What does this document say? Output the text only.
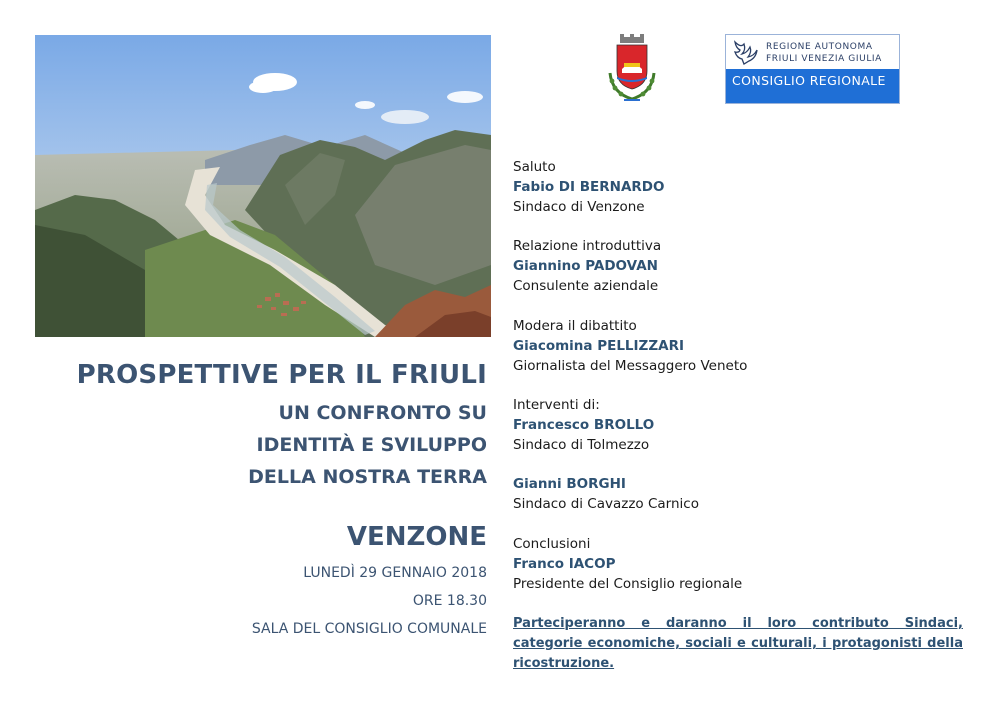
REGIONE AUTONOMA
FRIULI VENEZIA GIULIA
CONSIGLIO REGIONALE
PROSPETTIVE PER IL FRIULI
UN CONFRONTO SU
IDENTITÀ E SVILUPPO
DELLA NOSTRA TERRA
VENZONE
LUNEDÌ 29 GENNAIO 2018
ORE 18.30
SALA DEL CONSIGLIO COMUNALE
Saluto
Fabio DI BERNARDO
Sindaco di Venzone
Relazione introduttiva
Giannino PADOVAN
Consulente aziendale
Modera il dibattito
Giacomina PELLIZZARI
Giornalista del Messaggero Veneto
Interventi di:
Francesco BROLLO
Sindaco di Tolmezzo
Gianni BORGHI
Sindaco di Cavazzo Carnico
Conclusioni
Franco IACOP
Presidente del Consiglio regionale
Parteciperanno e daranno il loro contributo Sindaci, categorie economiche, sociali e culturali, i protagonisti della ricostruzione.
